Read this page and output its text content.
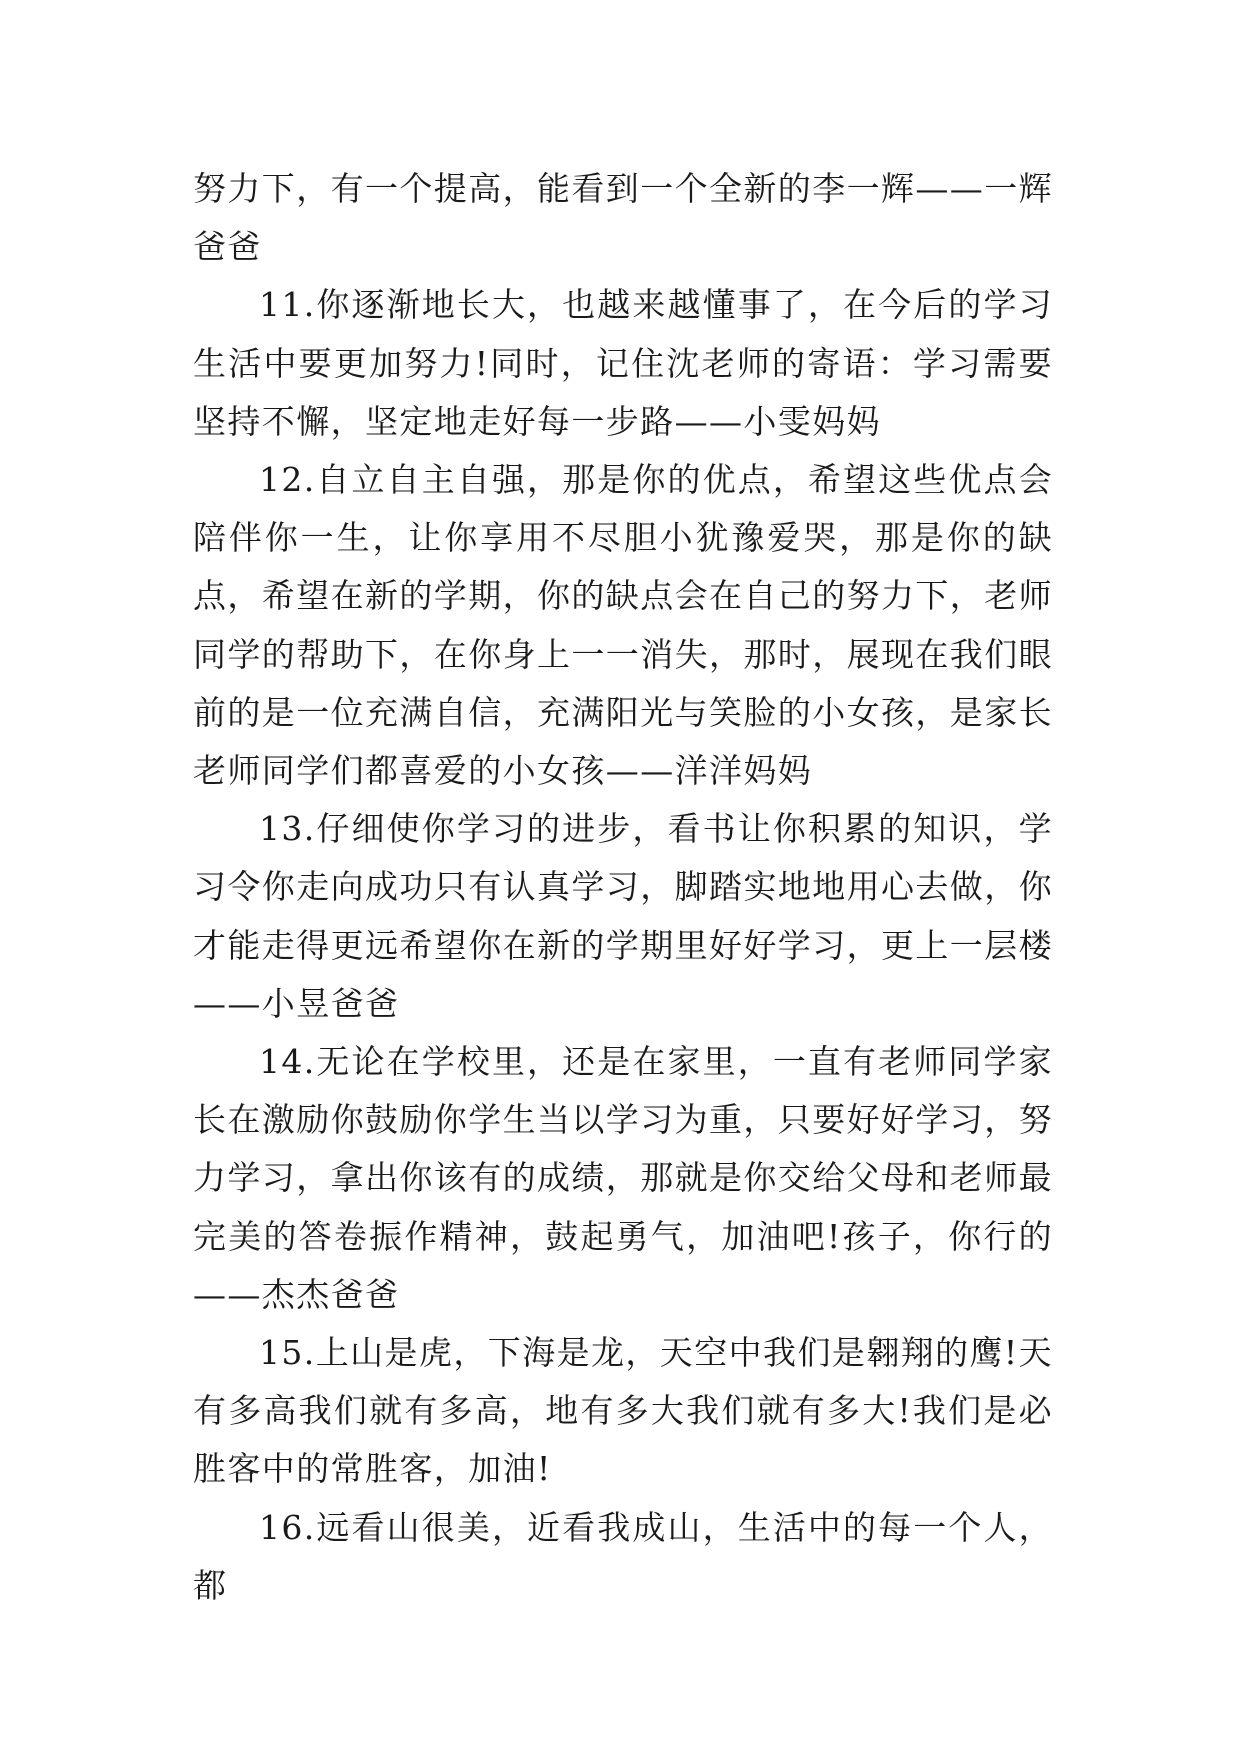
努力下，有一个提高，能看到一个全新的李一辉——一辉爸爸

11.你逐渐地长大，也越来越懂事了，在今后的学习生活中要更加努力!同时，记住沈老师的寄语：学习需要坚持不懈，坚定地走好每一步路——小雯妈妈

12.自立自主自强，那是你的优点，希望这些优点会陪伴你一生，让你享用不尽胆小犹豫爱哭，那是你的缺点，希望在新的学期，你的缺点会在自己的努力下，老师同学的帮助下，在你身上一一消失，那时，展现在我们眼前的是一位充满自信，充满阳光与笑脸的小女孩，是家长老师同学们都喜爱的小女孩——洋洋妈妈

13.仔细使你学习的进步，看书让你积累的知识，学习令你走向成功只有认真学习，脚踏实地地用心去做，你才能走得更远希望你在新的学期里好好学习，更上一层楼——小昱爸爸

14.无论在学校里，还是在家里，一直有老师同学家长在激励你鼓励你学生当以学习为重，只要好好学习，努力学习，拿出你该有的成绩，那就是你交给父母和老师最完美的答卷振作精神，鼓起勇气，加油吧!孩子，你行的——杰杰爸爸

15.上山是虎，下海是龙，天空中我们是翱翔的鹰!天有多高我们就有多高，地有多大我们就有多大!我们是必胜客中的常胜客，加油!

16.远看山很美，近看我成山，生活中的每一个人，都
